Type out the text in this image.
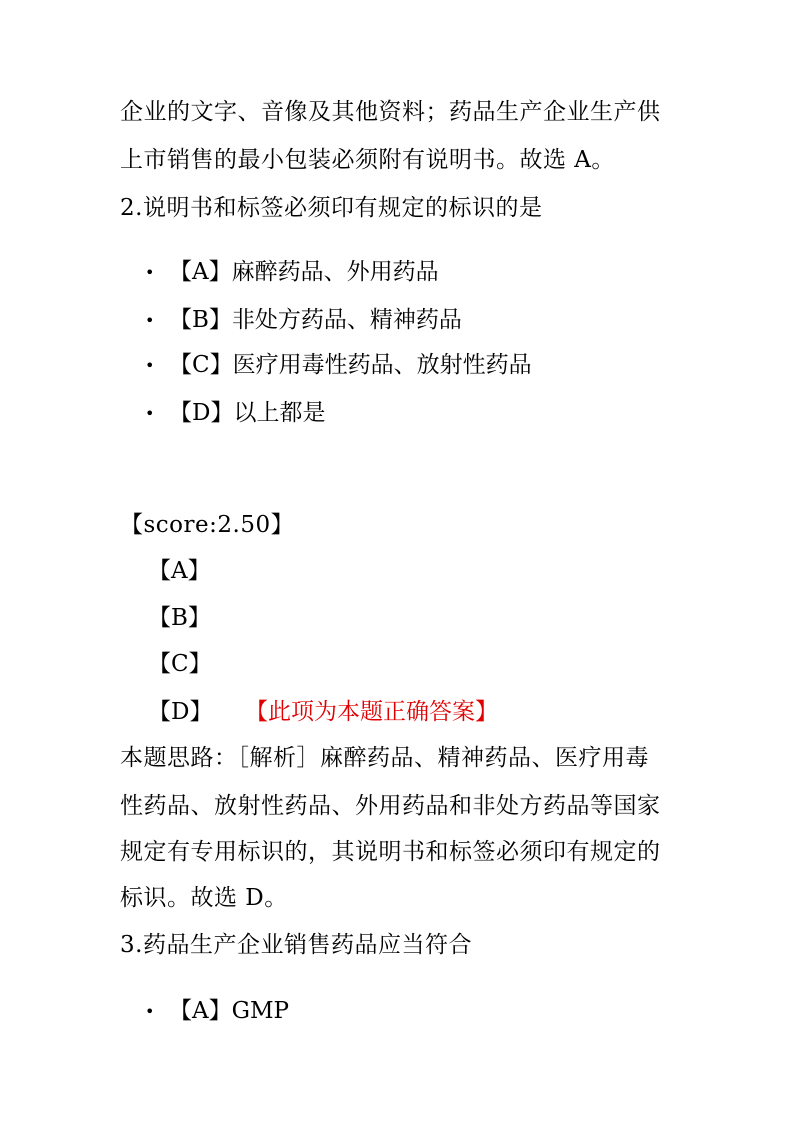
企业的文字、音像及其他资料；药品生产企业生产供
上市销售的最小包装必须附有说明书。故选 A。
2.说明书和标签必须印有规定的标识的是
• 【A】麻醉药品、外用药品
• 【B】非处方药品、精神药品
• 【C】医疗用毒性药品、放射性药品
• 【D】以上都是
【score:2.50】
【A】
【B】
【C】
【D】 【此项为本题正确答案】
本题思路：［解析］麻醉药品、精神药品、医疗用毒
性药品、放射性药品、外用药品和非处方药品等国家
规定有专用标识的，其说明书和标签必须印有规定的
标识。故选 D。
3.药品生产企业销售药品应当符合
• 【A】GMP
